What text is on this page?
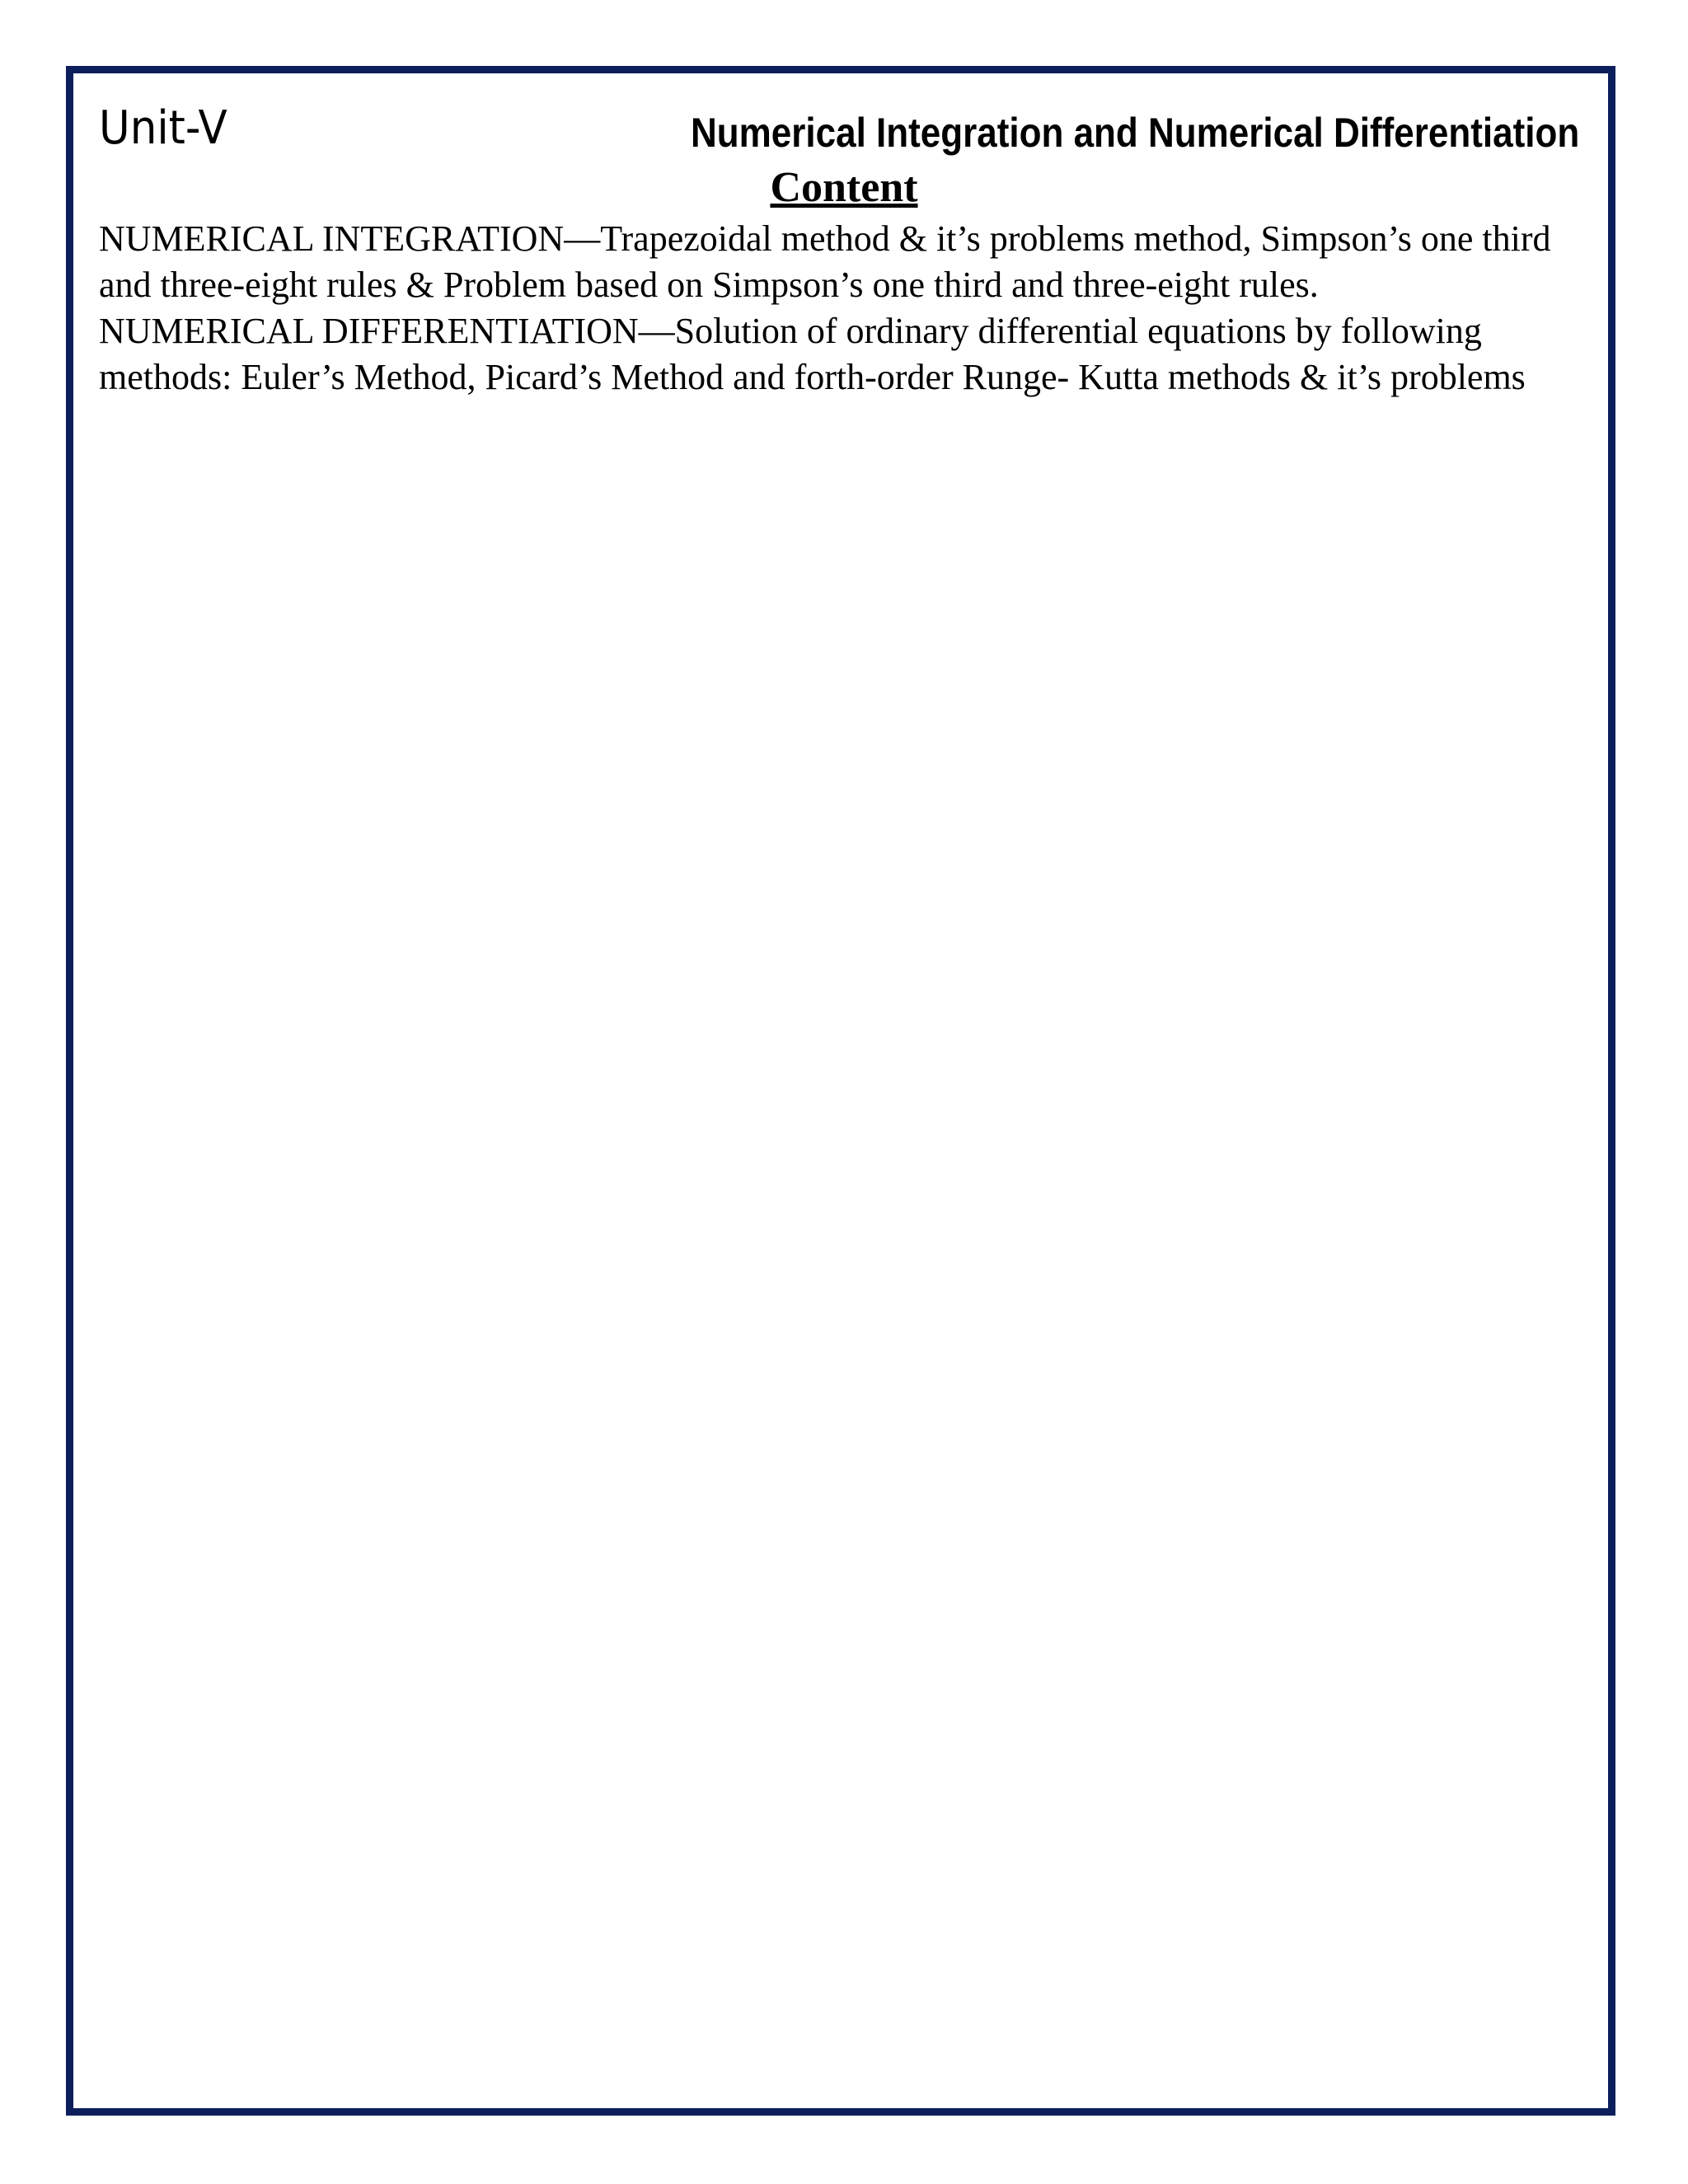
Unit-V	Numerical Integration and Numerical Differentiation
Content

NUMERICAL INTEGRATION—Trapezoidal method & it’s problems method, Simpson’s one third and three-eight rules & Problem based on Simpson’s one third and three-eight rules.

NUMERICAL DIFFERENTIATION—Solution of ordinary differential equations by following methods: Euler’s Method, Picard’s Method and forth-order Runge- Kutta methods & it’s problems
